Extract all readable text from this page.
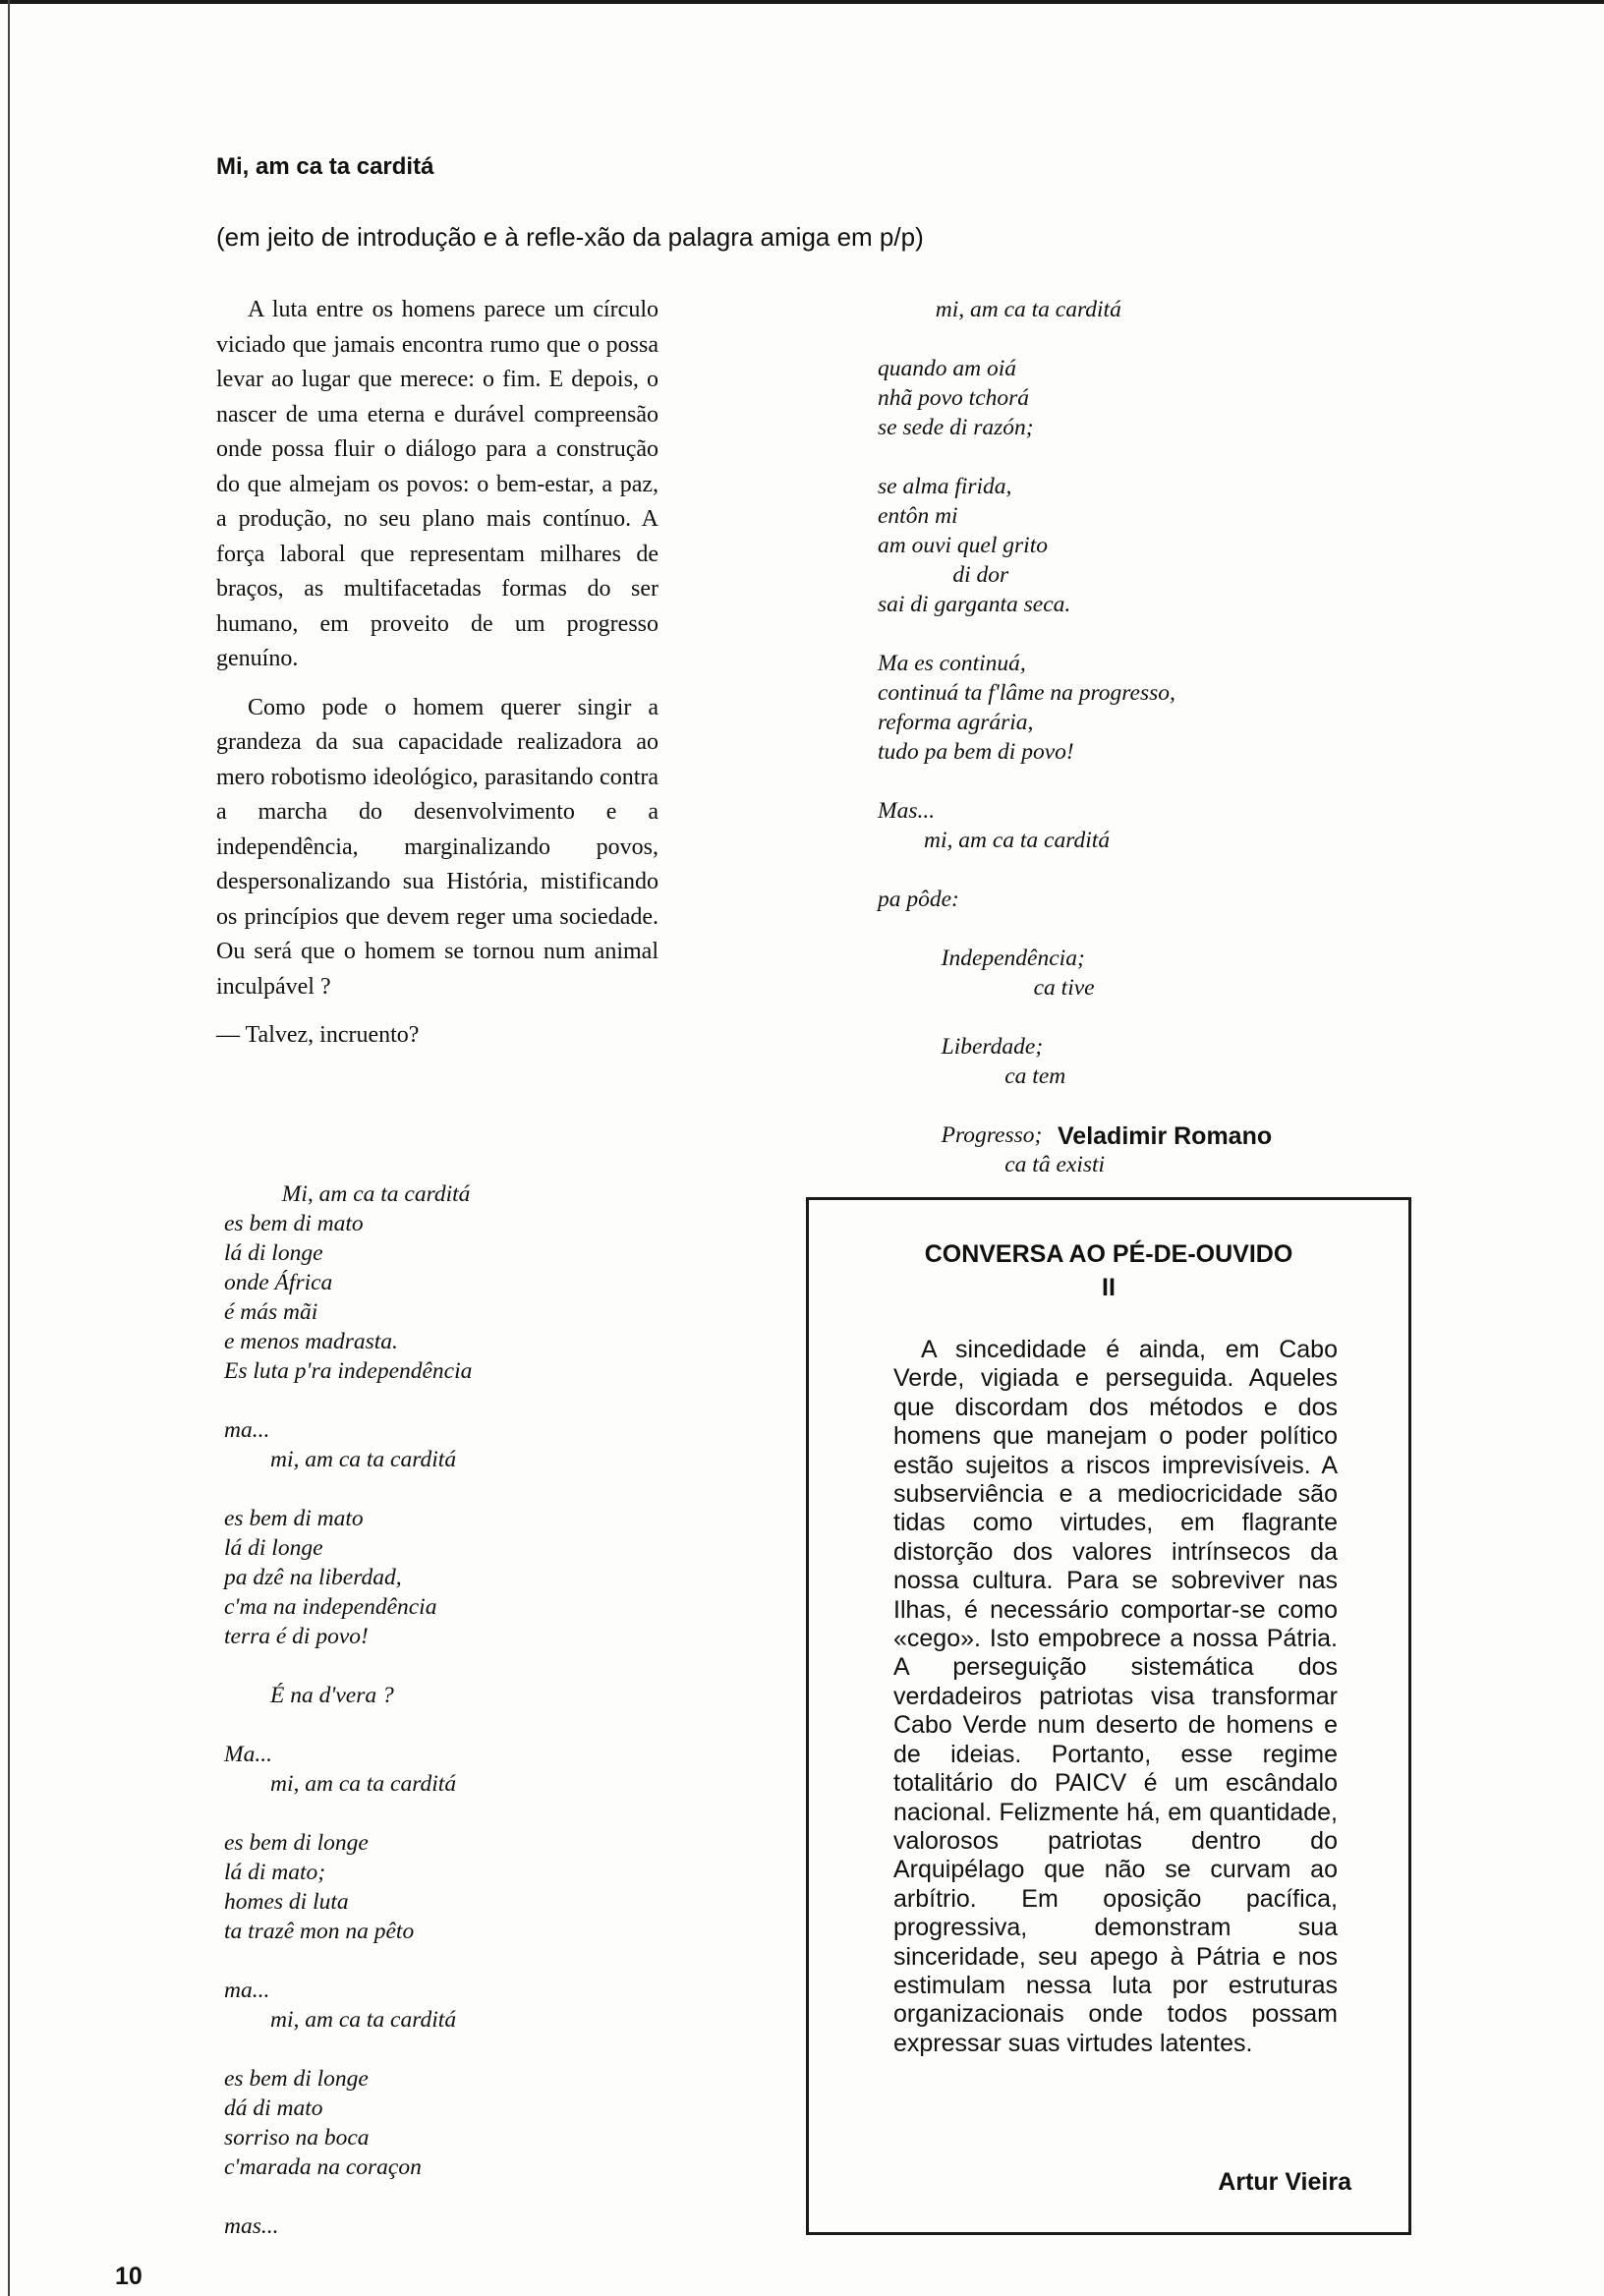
Mi, am ca ta carditá
(em jeito de introdução e à refle-xão da palagra amiga em p/p)

A luta entre os homens parece um círculo viciado que jamais encontra rumo que o possa levar ao lugar que merece: o fim. E depois, o nascer de uma eterna e durável compreensão onde possa fluir o diálogo para a construção do que almejam os povos: o bem-estar, a paz, a produção, no seu plano mais contínuo. A força laboral que representam milhares de braços, as multifacetadas formas do ser humano, em proveito de um progresso genuíno.

Como pode o homem querer singir a grandeza da sua capacidade realizadora ao mero robotismo ideológico, parasitando contra a marcha do desenvolvimento e a independência, marginalizando povos, despersonalizando sua História, mistificando os princípios que devem reger uma sociedade. Ou será que o homem se tornou num animal inculpável ?

— Talvez, incruento?

Mi, am ca ta carditá

es bem di mato

lá di longe

onde África

é más mãi

e menos madrasta.

Es luta p'ra independência

ma...

mi, am ca ta carditá

es bem di mato

lá di longe

pa dzê na liberdad,

c'ma na independência

terra é di povo!

É na d'vera ?

Ma...

mi, am ca ta carditá

es bem di longe

lá di mato;

homes di luta

ta trazê mon na pêto

ma...

mi, am ca ta carditá

es bem di longe

dá di mato

sorriso na boca

c'marada na coraçon

mas...

mi, am ca ta carditá

quando am oiá

nhã povo tchorá

se sede di razón;

se alma firida,

entôn mi

am ouvi quel grito

di dor

sai di garganta seca.

Ma es continuá,

continuá ta f'lâme na progresso,

reforma agrária,

tudo pa bem di povo!

Mas...

mi, am ca ta carditá

pa pôde:

Independência;

ca tive

Liberdade;

ca tem

Progresso;

ca tâ existi

Veladimir Romano
CONVERSA AO PÉ-DE-OUVIDO
II

A sincedidade é ainda, em Cabo Verde, vigiada e perseguida. Aqueles que discordam dos métodos e dos homens que manejam o poder político estão sujeitos a riscos imprevisíveis. A subserviência e a mediocricidade são tidas como virtudes, em flagrante distorção dos valores intrínsecos da nossa cultura. Para se sobreviver nas Ilhas, é necessário comportar-se como «cego». Isto empobrece a nossa Pátria. A perseguição sistemática dos verdadeiros patriotas visa transformar Cabo Verde num deserto de homens e de ideias. Portanto, esse regime totalitário do PAICV é um escândalo nacional. Felizmente há, em quantidade, valorosos patriotas dentro do Arquipélago que não se curvam ao arbítrio. Em oposição pacífica, progressiva, demonstram sua sinceridade, seu apego à Pátria e nos estimulam nessa luta por estruturas organizacionais onde todos possam expressar suas virtudes latentes.

Artur Vieira
10
